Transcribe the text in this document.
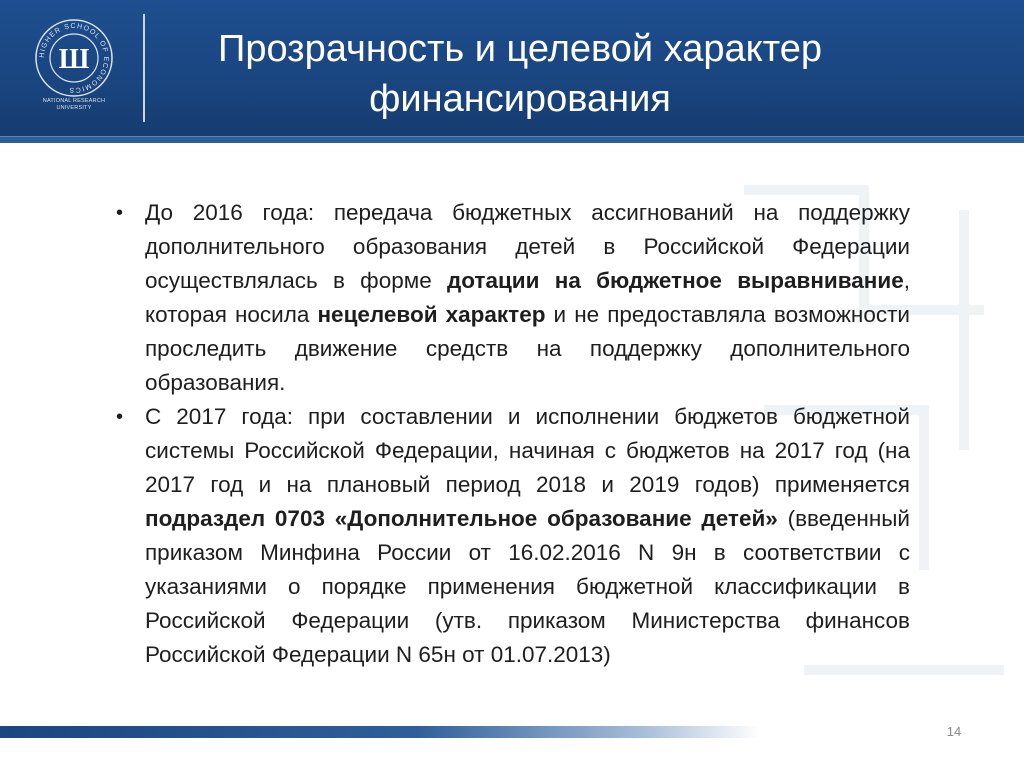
HIGHER SCHOOL OF ECONOMICS
Ш
NATIONAL RESEARCH
UNIVERSITY
Прозрачность и целевой характер
финансирования
• До 2016 года: передача бюджетных ассигнований на поддержку дополнительного образования детей в Российской Федерации осуществлялась в форме дотации на бюджетное выравнивание, которая носила нецелевой характер и не предоставляла возможности проследить движение средств на поддержку дополнительного образования.
• С 2017 года: при составлении и исполнении бюджетов бюджетной системы Российской Федерации, начиная с бюджетов на 2017 год (на 2017 год и на плановый период 2018 и 2019 годов) применяется подраздел 0703 «Дополнительное образование детей» (введенный приказом Минфина России от 16.02.2016 N 9н в соответствии с указаниями о порядке применения бюджетной классификации в Российской Федерации (утв. приказом Министерства финансов Российской Федерации N 65н от 01.07.2013)
14
